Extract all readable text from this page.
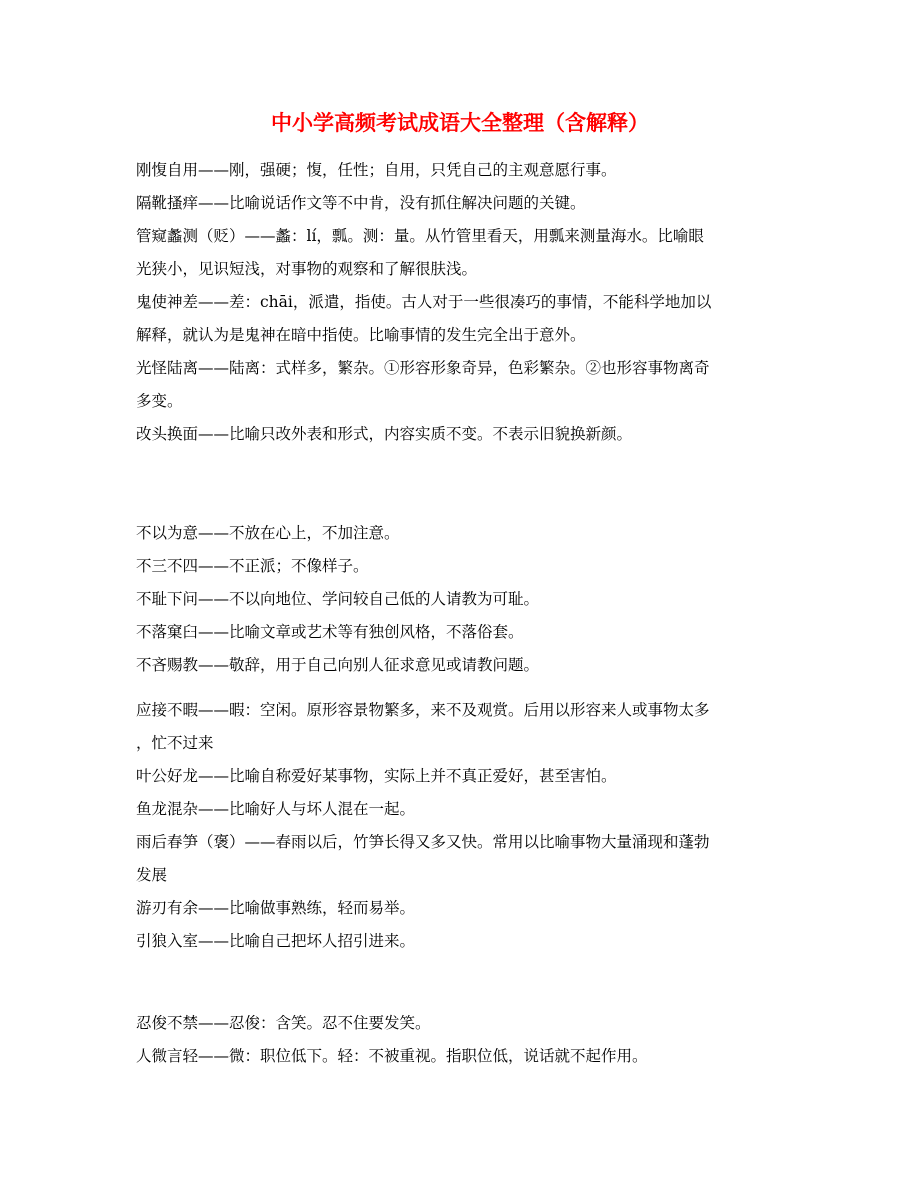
中小学高频考试成语大全整理（含解释）
刚愎自用——刚，强硬；愎，任性；自用，只凭自己的主观意愿行事。
隔靴搔痒——比喻说话作文等不中肯，没有抓住解决问题的关键。
管窥蠡测（贬）——蠡：lí，瓢。测：量。从竹管里看天，用瓢来测量海水。比喻眼
光狭小，见识短浅，对事物的观察和了解很肤浅。
鬼使神差——差：chāi，派遣，指使。古人对于一些很凑巧的事情，不能科学地加以
解释，就认为是鬼神在暗中指使。比喻事情的发生完全出于意外。
光怪陆离——陆离：式样多，繁杂。①形容形象奇异，色彩繁杂。②也形容事物离奇
多变。
改头换面——比喻只改外表和形式，内容实质不变。不表示旧貌换新颜。
不以为意——不放在心上，不加注意。
不三不四——不正派；不像样子。
不耻下问——不以向地位、学问较自己低的人请教为可耻。
不落窠臼——比喻文章或艺术等有独创风格，不落俗套。
不吝赐教——敬辞，用于自己向别人征求意见或请教问题。
应接不暇——暇：空闲。原形容景物繁多，来不及观赏。后用以形容来人或事物太多
，忙不过来
叶公好龙——比喻自称爱好某事物，实际上并不真正爱好，甚至害怕。
鱼龙混杂——比喻好人与坏人混在一起。
雨后春笋（褒）——春雨以后，竹笋长得又多又快。常用以比喻事物大量涌现和蓬勃
发展
游刃有余——比喻做事熟练，轻而易举。
引狼入室——比喻自己把坏人招引进来。
忍俊不禁——忍俊：含笑。忍不住要发笑。
人微言轻——微：职位低下。轻：不被重视。指职位低，说话就不起作用。
